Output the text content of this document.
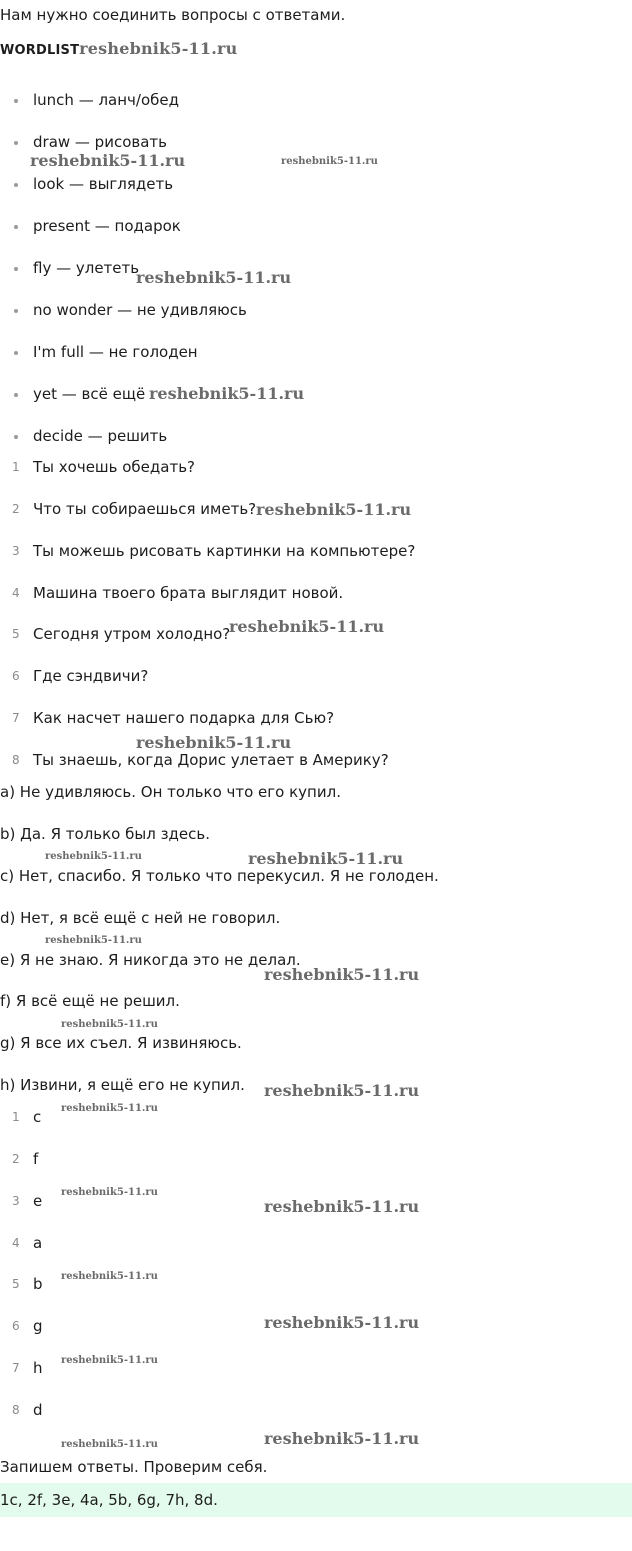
Нам нужно соединить вопросы с ответами.
WORDLISTreshebnik5-11.ru
lunch — ланч/обед
draw — рисовать
look — выглядеть
present — подарок
fly — улететь
no wonder — не удивляюсь
I'm full — не голоден
yet — всё ещё
decide — решить
1 Ты хочешь обедать?
2 Что ты собираешься иметь?
3 Ты можешь рисовать картинки на компьютере?
4 Машина твоего брата выглядит новой.
5 Сегодня утром холодно?
6 Где сэндвичи?
7 Как насчет нашего подарка для Сью?
8 Ты знаешь, когда Дорис улетает в Америку?
a) Не удивляюсь. Он только что его купил.
b) Да. Я только был здесь.
c) Нет, спасибо. Я только что перекусил. Я не голоден.
d) Нет, я всё ещё с ней не говорил.
e) Я не знаю. Я никогда это не делал.
f) Я всё ещё не решил.
g) Я все их съел. Я извиняюсь.
h) Извини, я ещё его не купил.
1 c
2 f
3 e
4 a
5 b
6 g
7 h
8 d
Запишем ответы. Проверим себя.
1c, 2f, 3e, 4a, 5b, 6g, 7h, 8d.
reshebnik5-11.ru	reshebnik5-11.ru
reshebnik5-11.ru
reshebnik5-11.ru
reshebnik5-11.ru
reshebnik5-11.ru
reshebnik5-11.ru
reshebnik5-11.ru	reshebnik5-11.ru
reshebnik5-11.ru
reshebnik5-11.ru
reshebnik5-11.ru
reshebnik5-11.ru
reshebnik5-11.ru
reshebnik5-11.ru
reshebnik5-11.ru
reshebnik5-11.ru
reshebnik5-11.ru
reshebnik5-11.ru
reshebnik5-11.ru
reshebnik5-11.ru
